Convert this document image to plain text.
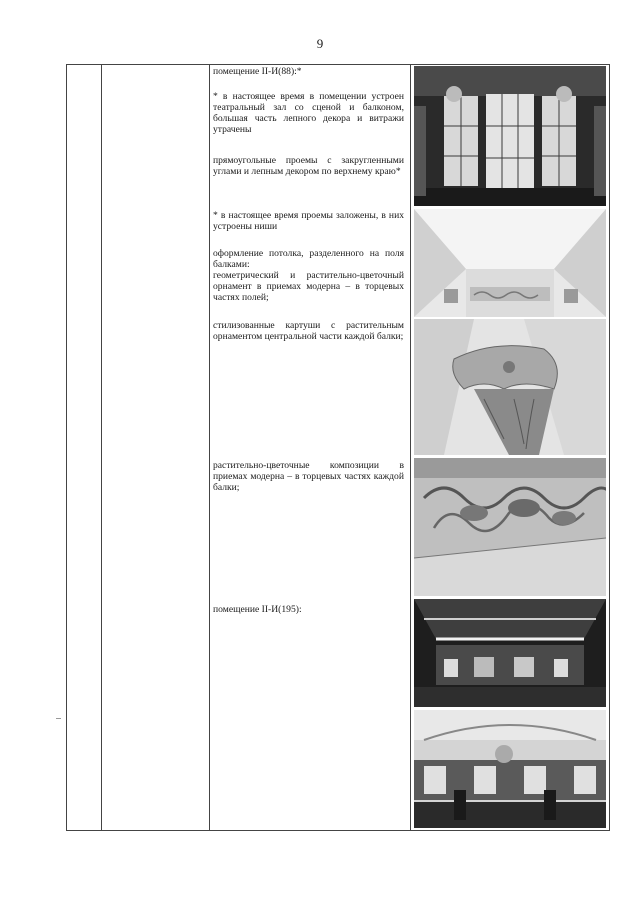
9

помещение II-И(88):*

* в настоящее время в помещении устроен театральный зал со сценой и балконом, большая часть лепного декора и витражи утрачены

прямоугольные проемы с закругленными углами и лепным декором по верхнему краю*

* в настоящее время проемы заложены, в них устроены ниши

оформление потолка, разделенного на поля балками:

геометрический и растительно-цветочный орнамент в приемах модерна – в торцевых частях полей;

стилизованные картуши с растительным орнаментом центральной части каждой балки;

растительно-цветочные композиции в приемах модерна – в торцевых частях каждой балки;

помещение II-И(195):
